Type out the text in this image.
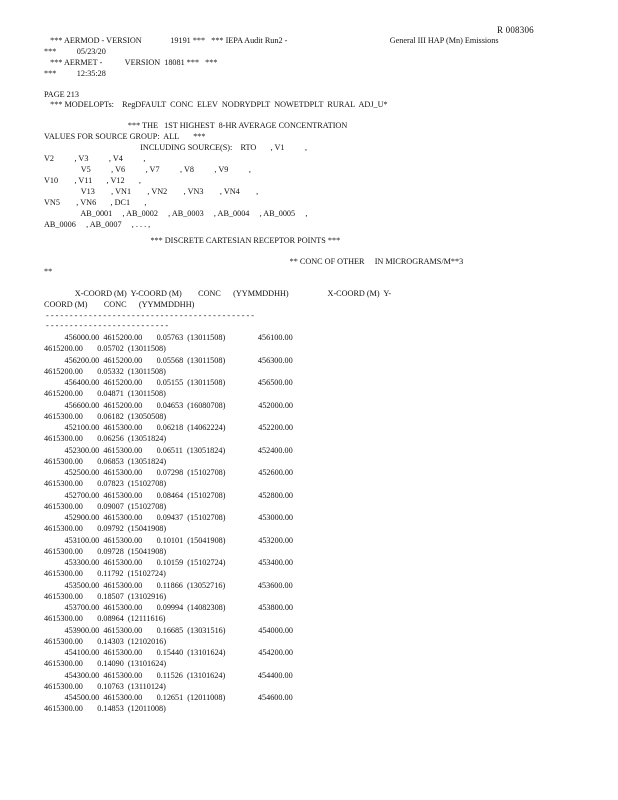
R 008306
*** AERMOD - VERSION              19191 ***   *** IEPA Audit Run2 -                                                  General III HAP (Mn) Emissions
***          05/23/20
*** AERMET -           VERSION  18081 ***   ***
***          12:35:28
PAGE 213
*** MODELOPTs:    RegDFAULT  CONC  ELEV  NODRYDPLT  NOWETDPLT  RURAL  ADJ_U*
*** THE   1ST HIGHEST  8-HR AVERAGE CONCENTRATION
VALUES FOR SOURCE GROUP:  ALL       ***
INCLUDING SOURCE(S):    RTO       , V1          ,
V2          , V3          , V4          ,
V5          , V6          , V7          , V8          , V9          ,
V10        , V11       , V12       ,
V13        , VN1        , VN2        , VN3        , VN4        ,
VN5        , VN6       , DC1       ,
AB_0001     , AB_0002     , AB_0003     , AB_0004     , AB_0005     ,
AB_0006     , AB_0007     , . . . ,
*** DISCRETE CARTESIAN RECEPTOR POINTS ***
** CONC OF OTHER     IN MICROGRAMS/M**3
**
X-COORD (M)  Y-COORD (M)        CONC      (YYMMDDHH)                   X-COORD (M)  Y-
COORD (M)        CONC      (YYMMDDHH)
- - - - - - - - - - - - - - - - - - - - - - - - - - - - - - - - - - - - - - - - - - - -
- - - - - - - - - - - - - - - - - - - - - - - - - -
456000.00  4615200.00       0.05763  (13011508)                456100.00
4615200.00       0.05702  (13011508)
456200.00  4615200.00       0.05568  (13011508)                456300.00
4615200.00       0.05332  (13011508)
456400.00  4615200.00       0.05155  (13011508)                456500.00
4615200.00       0.04871  (13011508)
456600.00  4615200.00       0.04653  (16080708)                452000.00
4615300.00       0.06182  (13050508)
452100.00  4615300.00       0.06218  (14062224)                452200.00
4615300.00       0.06256  (13051824)
452300.00  4615300.00       0.06511  (13051824)                452400.00
4615300.00       0.06853  (13051824)
452500.00  4615300.00       0.07298  (15102708)                452600.00
4615300.00       0.07823  (15102708)
452700.00  4615300.00       0.08464  (15102708)                452800.00
4615300.00       0.09007  (15102708)
452900.00  4615300.00       0.09437  (15102708)                453000.00
4615300.00       0.09792  (15041908)
453100.00  4615300.00       0.10101  (15041908)                453200.00
4615300.00       0.09728  (15041908)
453300.00  4615300.00       0.10159  (15102724)                453400.00
4615300.00       0.11792  (15102724)
453500.00  4615300.00       0.11866  (13052716)                453600.00
4615300.00       0.18507  (13102916)
453700.00  4615300.00       0.09994  (14082308)                453800.00
4615300.00       0.08964  (12111616)
453900.00  4615300.00       0.16685  (13031516)                454000.00
4615300.00       0.14303  (12102016)
454100.00  4615300.00       0.15440  (13101624)                454200.00
4615300.00       0.14090  (13101624)
454300.00  4615300.00       0.11526  (13101624)                454400.00
4615300.00       0.10763  (13110124)
454500.00  4615300.00       0.12651  (12011008)                454600.00
4615300.00       0.14853  (12011008)
